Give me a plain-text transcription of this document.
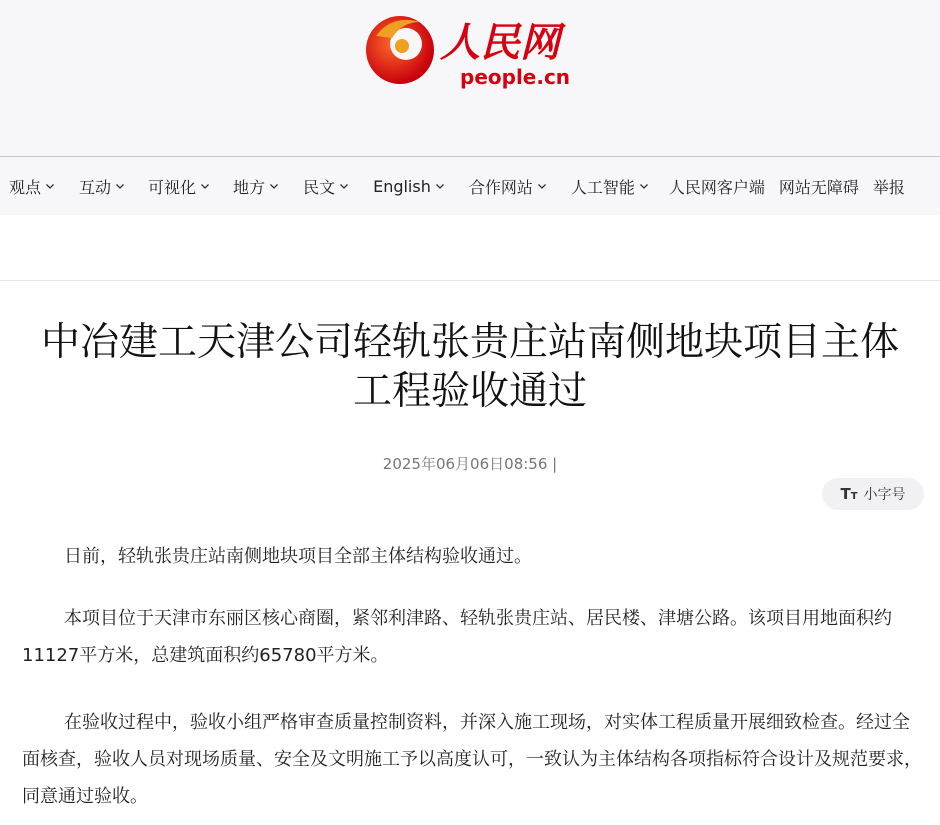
人民网
people.cn
观点 互动 可视化 地方 民文 English 合作网站 人工智能 人民网客户端 网站无障碍 举报
中冶建工天津公司轻轨张贵庄站南侧地块项目主体
工程验收通过
2025年06月06日08:56 |
TT 小字号

日前，轻轨张贵庄站南侧地块项目全部主体结构验收通过。

本项目位于天津市东丽区核心商圈，紧邻利津路、轻轨张贵庄站、居民楼、津塘公路。该项目用地面积约11127平方米，总建筑面积约65780平方米。

在验收过程中，验收小组严格审查质量控制资料，并深入施工现场，对实体工程质量开展细致检查。经过全面核查，验收人员对现场质量、安全及文明施工予以高度认可，一致认为主体结构各项指标符合设计及规范要求，同意通过验收。
